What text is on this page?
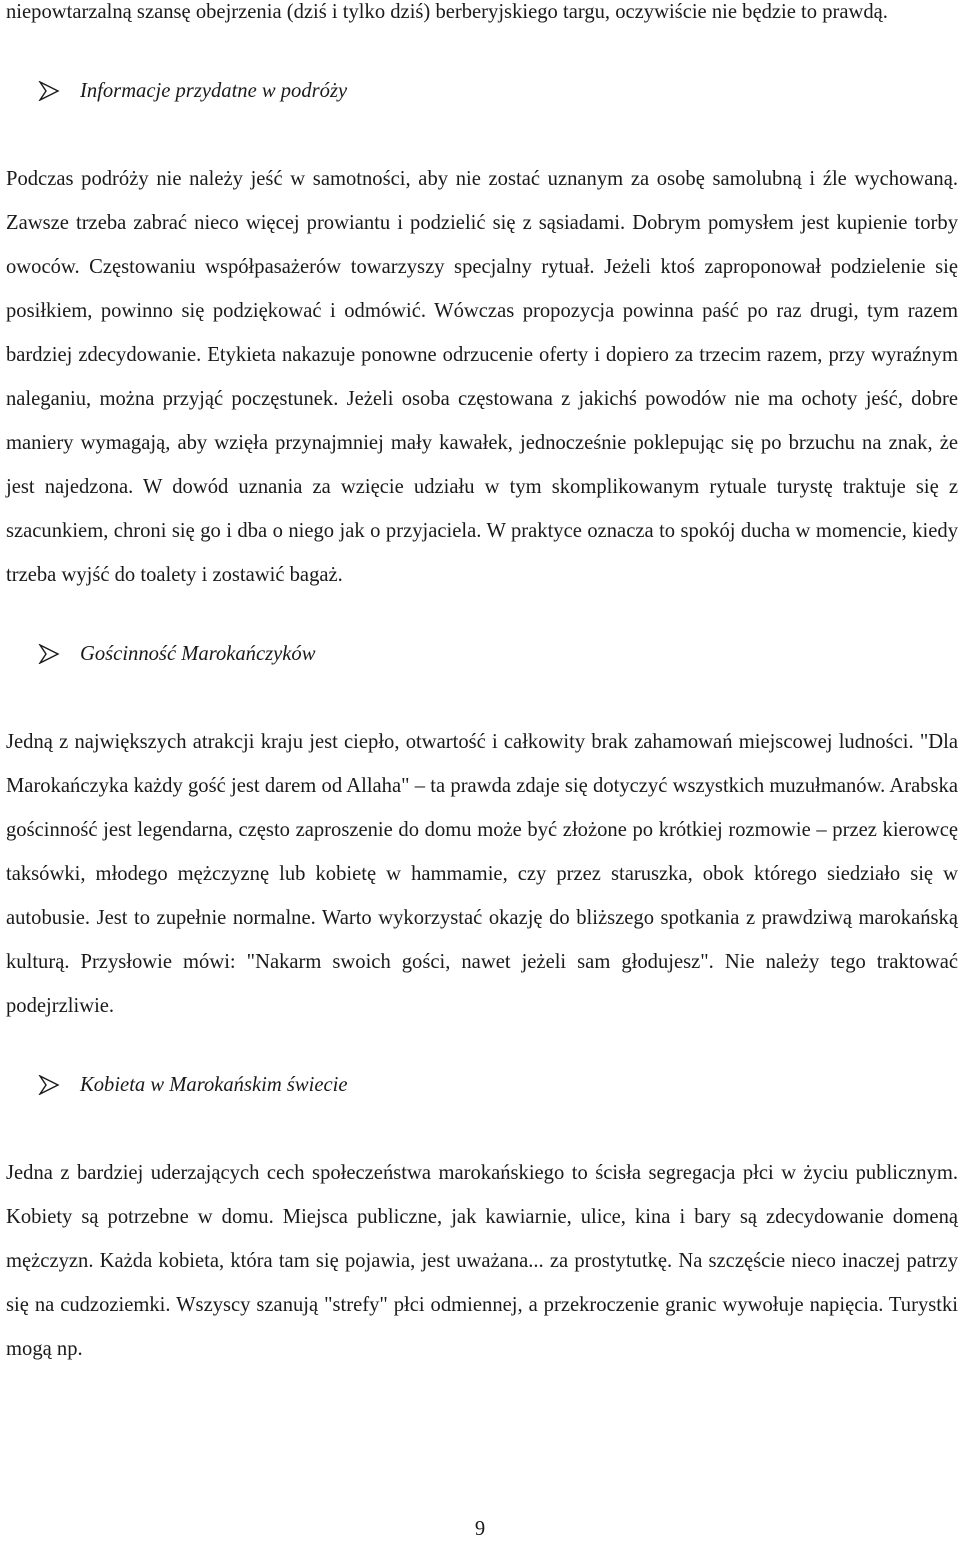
niepowtarzalną szansę obejrzenia (dziś i tylko dziś) berberyjskiego targu, oczywiście nie będzie to prawdą.

Informacje przydatne w podróży

Podczas podróży nie należy jeść w samotności, aby nie zostać uznanym za osobę samolubną i źle wychowaną. Zawsze trzeba zabrać nieco więcej prowiantu i podzielić się z sąsiadami. Dobrym pomysłem jest kupienie torby owoców. Częstowaniu współpasażerów towarzyszy specjalny rytuał. Jeżeli ktoś zaproponował podzielenie się posiłkiem, powinno się podziękować i odmówić. Wówczas propozycja powinna paść po raz drugi, tym razem bardziej zdecydowanie. Etykieta nakazuje ponowne odrzucenie oferty i dopiero za trzecim razem, przy wyraźnym naleganiu, można przyjąć poczęstunek. Jeżeli osoba częstowana z jakichś powodów nie ma ochoty jeść, dobre maniery wymagają, aby wzięła przynajmniej mały kawałek, jednocześnie poklepując się po brzuchu na znak, że jest najedzona. W dowód uznania za wzięcie udziału w tym skomplikowanym rytuale turystę traktuje się z szacunkiem, chroni się go i dba o niego jak o przyjaciela. W praktyce oznacza to spokój ducha w momencie, kiedy trzeba wyjść do toalety i zostawić bagaż.

Gościnność Marokańczyków

Jedną z największych atrakcji kraju jest ciepło, otwartość i całkowity brak zahamowań miejscowej ludności. "Dla Marokańczyka każdy gość jest darem od Allaha" – ta prawda zdaje się dotyczyć wszystkich muzułmanów. Arabska gościnność jest legendarna, często zaproszenie do domu może być złożone po krótkiej rozmowie – przez kierowcę taksówki, młodego mężczyznę lub kobietę w hammamie, czy przez staruszka, obok którego siedziało się w autobusie. Jest to zupełnie normalne. Warto wykorzystać okazję do bliższego spotkania z prawdziwą marokańską kulturą. Przysłowie mówi: "Nakarm swoich gości, nawet jeżeli sam głodujesz". Nie należy tego traktować podejrzliwie.

Kobieta w Marokańskim świecie

Jedna z bardziej uderzających cech społeczeństwa marokańskiego to ścisła segregacja płci w życiu publicznym. Kobiety są potrzebne w domu. Miejsca publiczne, jak kawiarnie, ulice, kina i bary są zdecydowanie domeną mężczyzn. Każda kobieta, która tam się pojawia, jest uważana... za prostytutkę. Na szczęście nieco inaczej patrzy się na cudzoziemki. Wszyscy szanują "strefy" płci odmiennej, a przekroczenie granic wywołuje napięcia. Turystki mogą np.

9
